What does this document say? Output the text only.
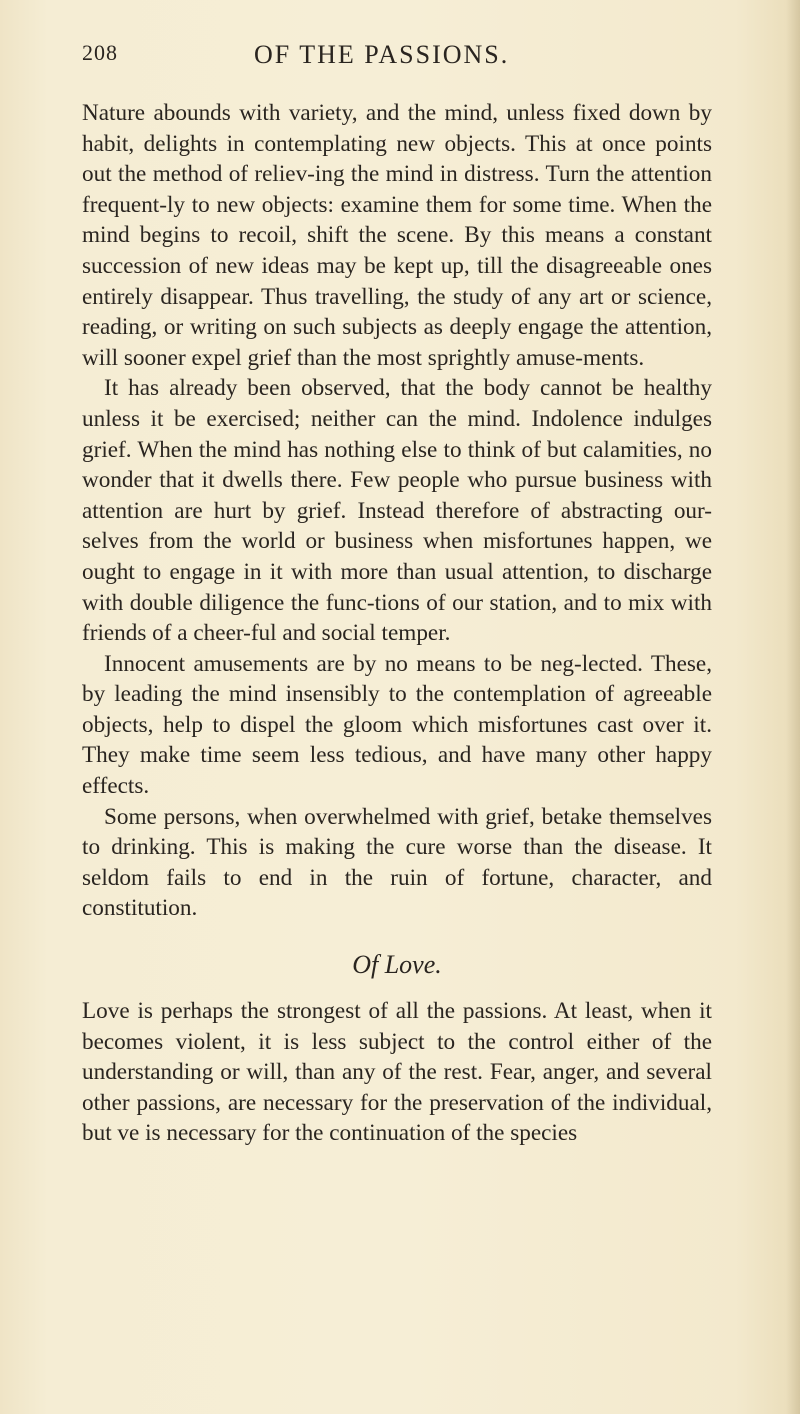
208	OF THE PASSIONS.

Nature abounds with variety, and the mind, unless fixed down by habit, delights in contemplating new objects. This at once points out the method of reliev-ing the mind in distress. Turn the attention frequent-ly to new objects: examine them for some time. When the mind begins to recoil, shift the scene. By this means a constant succession of new ideas may be kept up, till the disagreeable ones entirely disappear. Thus travelling, the study of any art or science, reading, or writing on such subjects as deeply engage the attention, will sooner expel grief than the most sprightly amuse-ments.

It has already been observed, that the body cannot be healthy unless it be exercised; neither can the mind. Indolence indulges grief. When the mind has nothing else to think of but calamities, no wonder that it dwells there. Few people who pursue business with attention are hurt by grief. Instead therefore of abstracting our-selves from the world or business when misfortunes happen, we ought to engage in it with more than usual attention, to discharge with double diligence the func-tions of our station, and to mix with friends of a cheer-ful and social temper.

Innocent amusements are by no means to be neg-lected. These, by leading the mind insensibly to the contemplation of agreeable objects, help to dispel the gloom which misfortunes cast over it. They make time seem less tedious, and have many other happy effects.

Some persons, when overwhelmed with grief, betake themselves to drinking. This is making the cure worse than the disease. It seldom fails to end in the ruin of fortune, character, and constitution.

Of Love.

Love is perhaps the strongest of all the passions. At least, when it becomes violent, it is less subject to the control either of the understanding or will, than any of the rest. Fear, anger, and several other passions, are necessary for the preservation of the individual, but ve is necessary for the continuation of the species
